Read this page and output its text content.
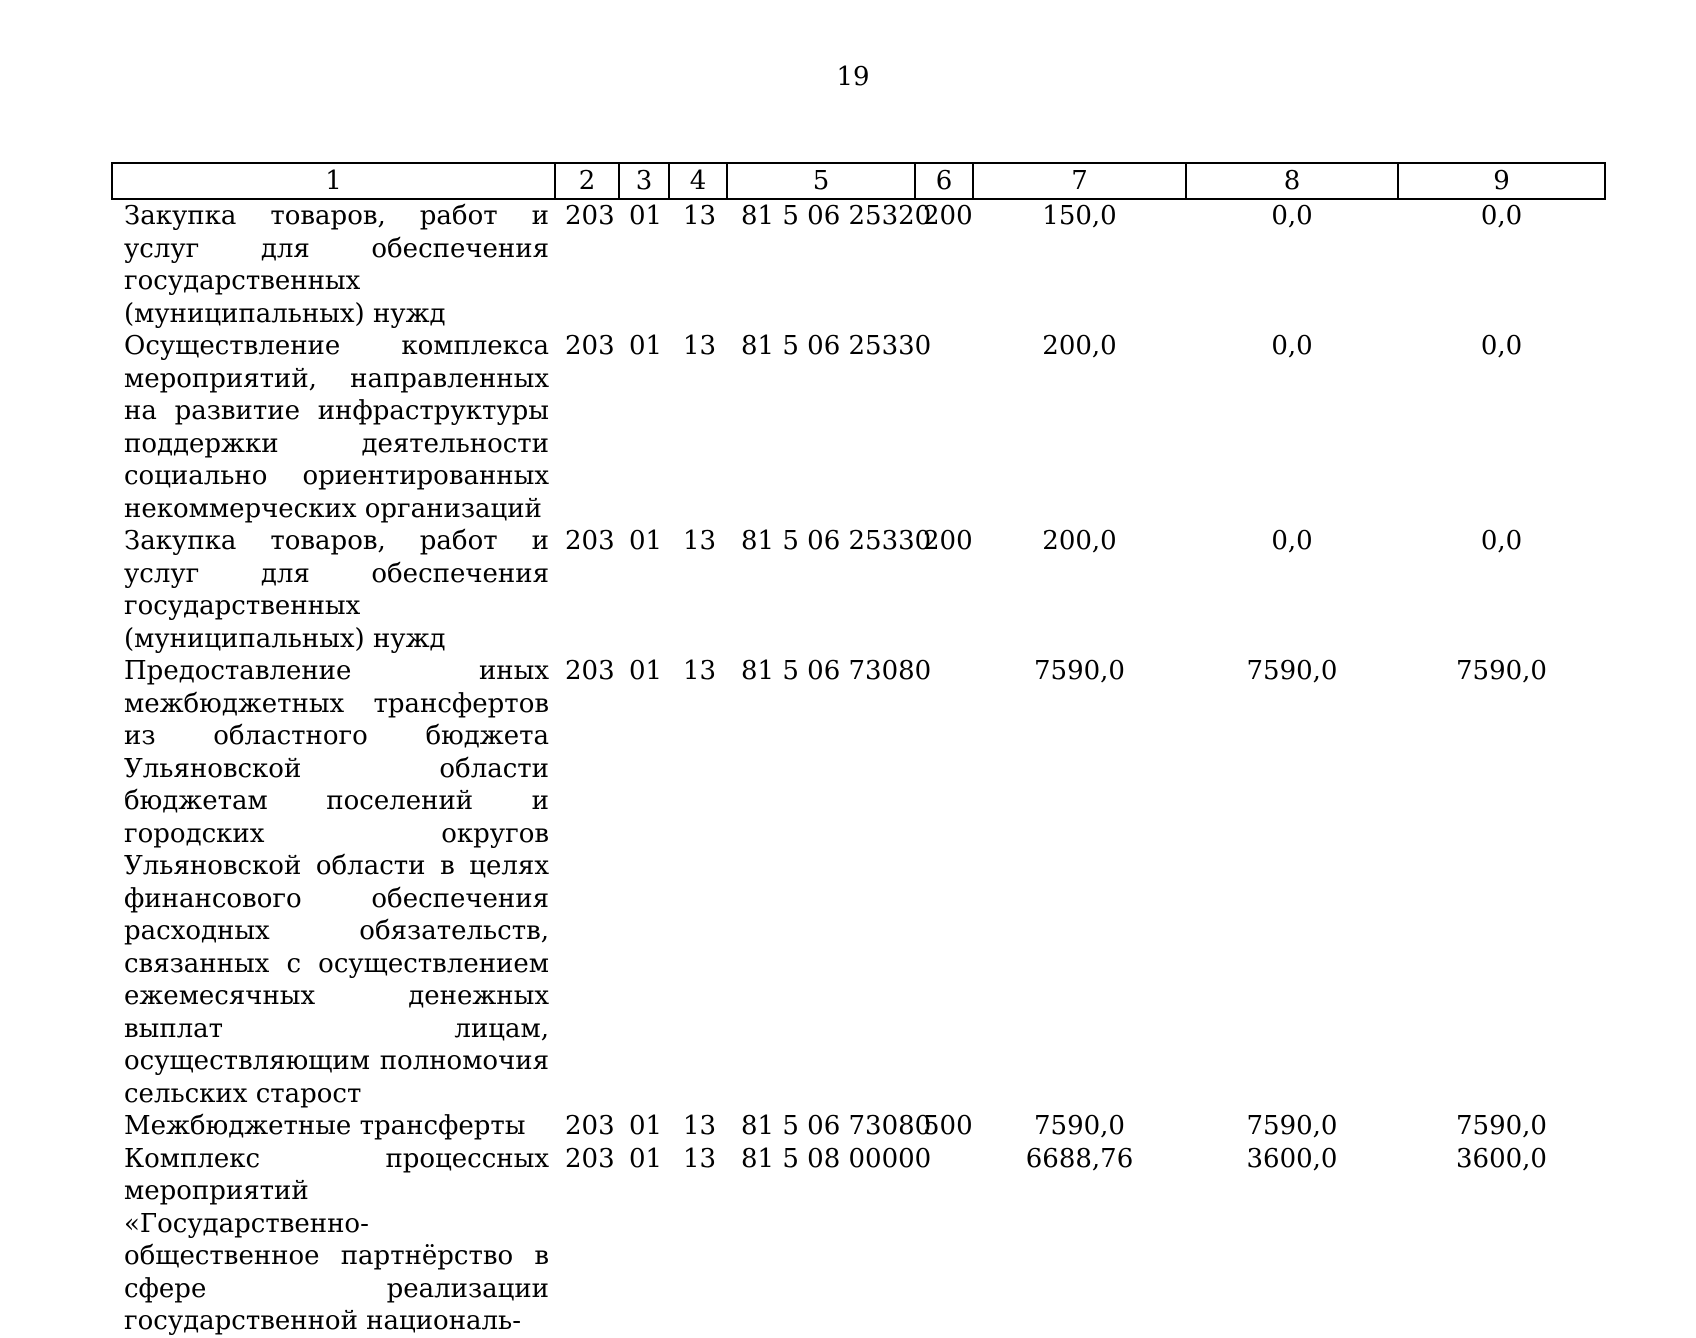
19
1	2	3	4	5	6	7	8	9
Закупка товаров, работ и услуг для обеспечения государственных (муниципальных) нужд	203	01	13	81 5 06 25320	200	150,0	0,0	0,0
Осуществление комплекса мероприятий, направленных на развитие инфраструктуры поддержки деятельности социально ориентированных некоммерческих организаций	203	01	13	81 5 06 25330		200,0	0,0	0,0
Закупка товаров, работ и услуг для обеспечения государственных (муниципальных) нужд	203	01	13	81 5 06 25330	200	200,0	0,0	0,0
Предоставление иных межбюджетных трансфертов из областного бюджета Ульяновской области бюджетам поселений и городских округов Ульяновской области в целях финансового обеспечения расходных обязательств, связанных с осуществлением ежемесячных денежных выплат лицам, осуществляющим полномочия сельских старост	203	01	13	81 5 06 73080		7590,0	7590,0	7590,0
Межбюджетные трансферты	203	01	13	81 5 06 73080	500	7590,0	7590,0	7590,0
Комплекс процессных мероприятий «Государственно-общественное партнёрство в сфере реализации государственной националь-	203	01	13	81 5 08 00000		6688,76	3600,0	3600,0
